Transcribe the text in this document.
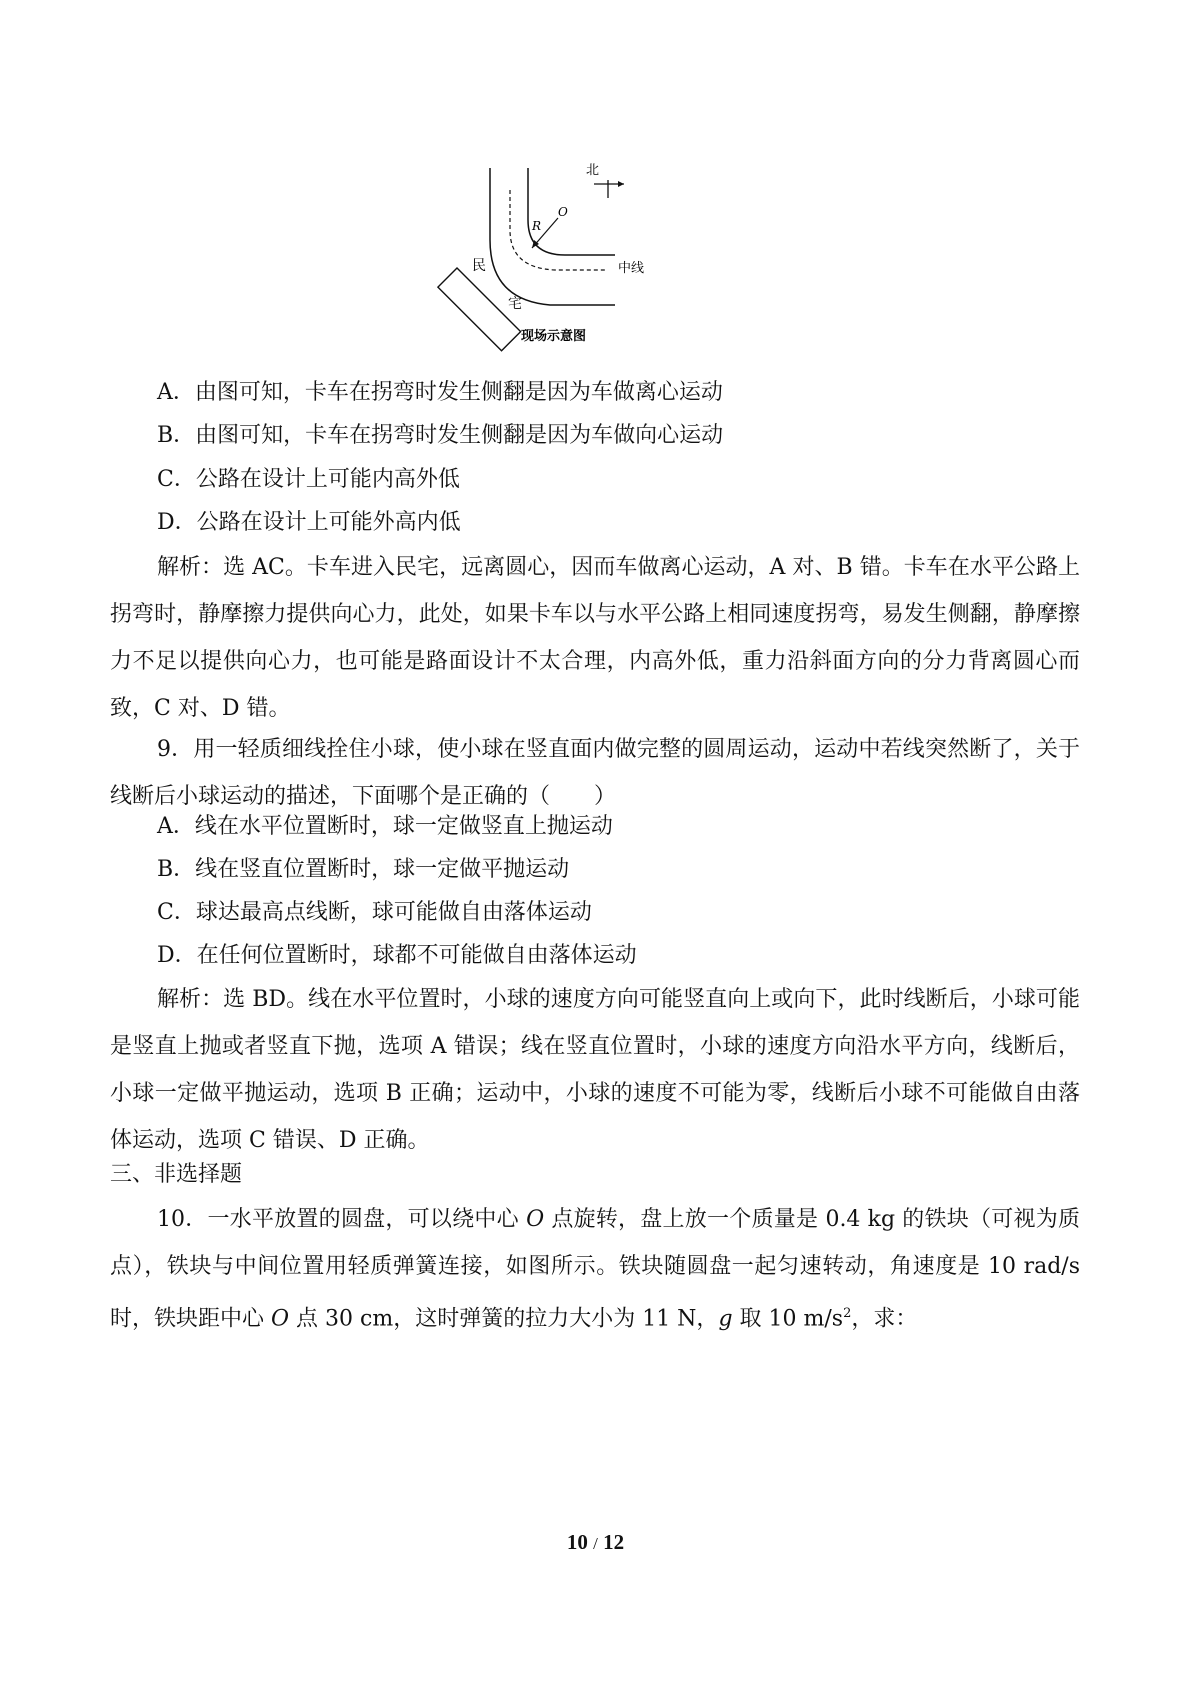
北
中线
O
R
民
宅
现场示意图
A．由图可知，卡车在拐弯时发生侧翻是因为车做离心运动
B．由图可知，卡车在拐弯时发生侧翻是因为车做向心运动
C．公路在设计上可能内高外低
D．公路在设计上可能外高内低
解析：选 AC。卡车进入民宅，远离圆心，因而车做离心运动，A 对、B 错。卡车在水平公路上拐弯时，静摩擦力提供向心力，此处，如果卡车以与水平公路上相同速度拐弯，易发生侧翻，静摩擦力不足以提供向心力，也可能是路面设计不太合理，内高外低，重力沿斜面方向的分力背离圆心而致，C 对、D 错。
9．用一轻质细线拴住小球，使小球在竖直面内做完整的圆周运动，运动中若线突然断了，关于线断后小球运动的描述，下面哪个是正确的（　　）
A．线在水平位置断时，球一定做竖直上抛运动
B．线在竖直位置断时，球一定做平抛运动
C．球达最高点线断，球可能做自由落体运动
D．在任何位置断时，球都不可能做自由落体运动
解析：选 BD。线在水平位置时，小球的速度方向可能竖直向上或向下，此时线断后，小球可能是竖直上抛或者竖直下抛，选项 A 错误；线在竖直位置时，小球的速度方向沿水平方向，线断后，小球一定做平抛运动，选项 B 正确；运动中，小球的速度不可能为零，线断后小球不可能做自由落体运动，选项 C 错误、D 正确。
三、非选择题
10．一水平放置的圆盘，可以绕中心 O 点旋转，盘上放一个质量是 0.4 kg 的铁块（可视为质点），铁块与中间位置用轻质弹簧连接，如图所示。铁块随圆盘一起匀速转动，角速度是 10 rad/s 时，铁块距中心 O 点 30 cm，这时弹簧的拉力大小为 11 N，g 取 10 $m/s^2$，求：
10 / 12
